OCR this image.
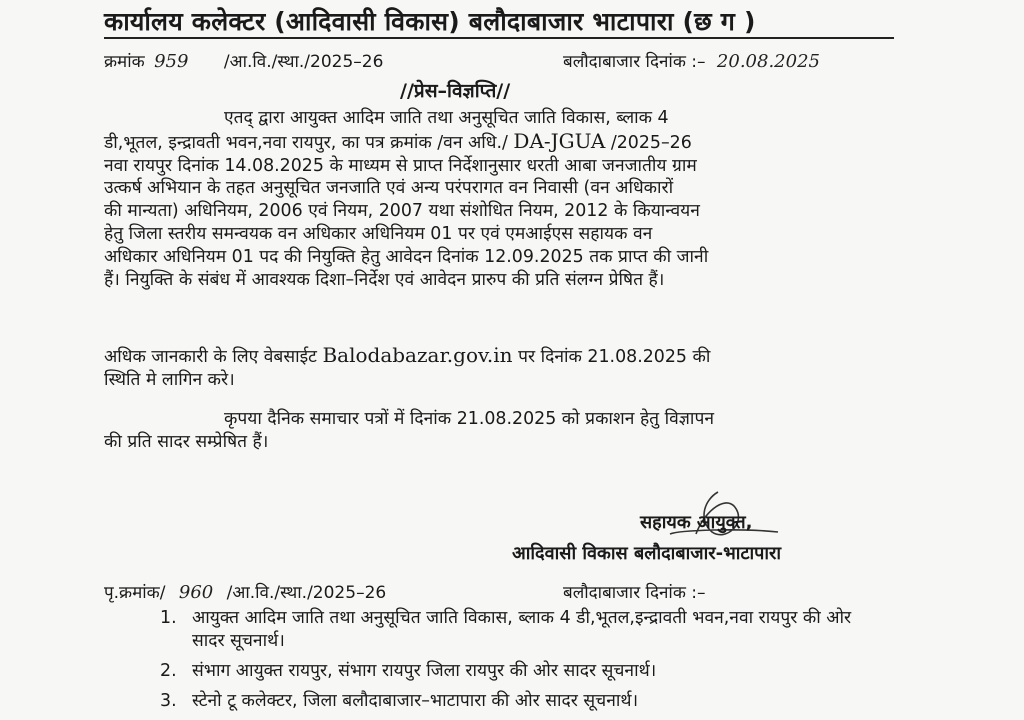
कार्यालय कलेक्टर (आदिवासी विकास) बलौदाबाजार भाटापारा (छ ग )
क्रमांक 959 /आ.वि./स्था./2025–26	बलौदाबाजार दिनांक :– 20.08.2025
//प्रेस–विज्ञप्ति//

एतद् द्वारा आयुक्त आदिम जाति तथा अनुसूचित जाति विकास, ब्लाक 4

डी,भूतल, इन्द्रावती भवन,नवा रायपुर, का पत्र क्रमांक /वन अधि./ DA-JGUA /2025–26

नवा रायपुर दिनांक 14.08.2025 के माध्यम से प्राप्त निर्देशानुसार धरती आबा जनजातीय ग्राम

उत्कर्ष अभियान के तहत अनुसूचित जनजाति एवं अन्य परंपरागत वन निवासी (वन अधिकारों

की मान्यता) अधिनियम, 2006 एवं नियम, 2007 यथा संशोधित नियम, 2012 के कियान्वयन

हेतु जिला स्तरीय समन्वयक वन अधिकार अधिनियम 01 पर एवं एमआईएस सहायक वन

अधिकार अधिनियम 01 पद की नियुक्ति हेतु आवेदन दिनांक 12.09.2025 तक प्राप्त की जानी

हैं। नियुक्ति के संबंध में आवश्यक दिशा–निर्देश एवं आवेदन प्रारुप की प्रति संलग्न प्रेषित हैं।

अधिक जानकारी के लिए वेबसाईट Balodabazar.gov.in पर दिनांक 21.08.2025 की

स्थिति मे लागिन करे।

कृपया दैनिक समाचार पत्रों में दिनांक 21.08.2025 को प्रकाशन हेतु विज्ञापन

की प्रति सादर सम्प्रेषित हैं।

सहायक आयुक्त,
आदिवासी विकास बलौदाबाजार-भाटापारा
पृ.क्रमांक/ 960 /आ.वि./स्था./2025–26	बलौदाबाजार दिनांक :–
1. आयुक्त आदिम जाति तथा अनुसूचित जाति विकास, ब्लाक 4 डी,भूतल,इन्द्रावती भवन,नवा रायपुर की ओर सादर सूचनार्थ।
2. संभाग आयुक्त रायपुर, संभाग रायपुर जिला रायपुर की ओर सादर सूचनार्थ।
3. स्टेनो टू कलेक्टर, जिला बलौदाबाजार–भाटापारा की ओर सादर सूचनार्थ।
